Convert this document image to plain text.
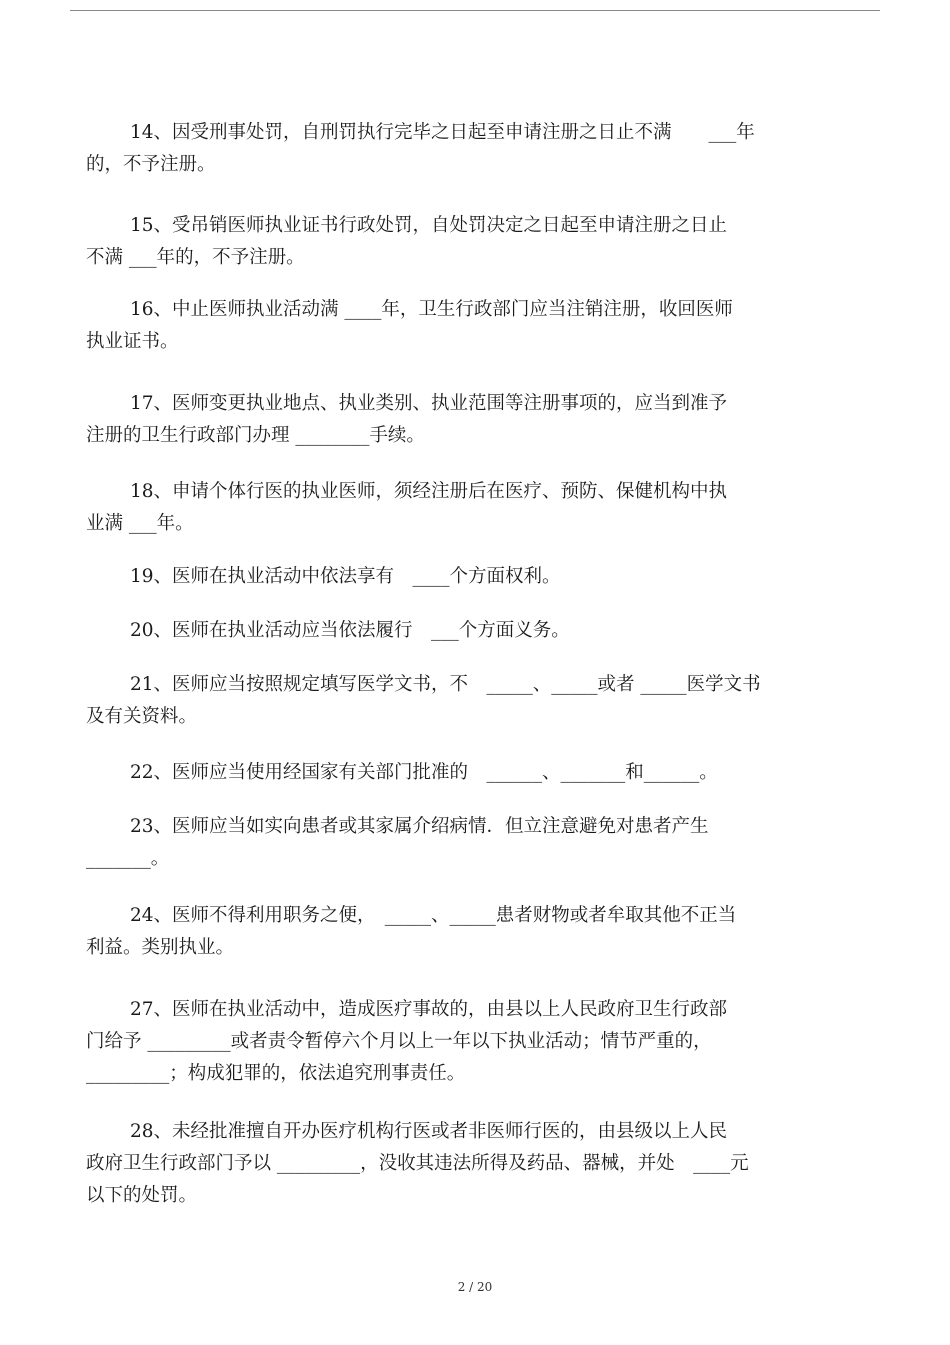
14、因受刑事处罚，自刑罚执行完毕之日起至申请注册之日止不满　　___年
的，不予注册。
15、受吊销医师执业证书行政处罚，自处罚决定之日起至申请注册之日止
不满 ___年的，不予注册。
16、中止医师执业活动满 ____年，卫生行政部门应当注销注册，收回医师
执业证书。
17、医师变更执业地点、执业类别、执业范围等注册事项的，应当到准予
注册的卫生行政部门办理 ________手续。
18、申请个体行医的执业医师，须经注册后在医疗、预防、保健机构中执
业满 ___年。
19、医师在执业活动中依法享有　____个方面权利。
20、医师在执业活动应当依法履行　___个方面义务。
21、医师应当按照规定填写医学文书，不　_____、_____或者 _____医学文书
及有关资料。
22、医师应当使用经国家有关部门批准的　______、_______和______。
23、医师应当如实向患者或其家属介绍病情．但立注意避免对患者产生
_______。
24、医师不得利用职务之便，　_____、_____患者财物或者牟取其他不正当
利益。类别执业。
27、医师在执业活动中，造成医疗事故的，由县以上人民政府卫生行政部
门给予 _________或者责令暂停六个月以上一年以下执业活动；情节严重的，
_________；构成犯罪的，依法追究刑事责任。
28、未经批准擅自开办医疗机构行医或者非医师行医的，由县级以上人民
政府卫生行政部门予以 _________，没收其违法所得及药品、器械，并处　____元
以下的处罚。
2 / 20
